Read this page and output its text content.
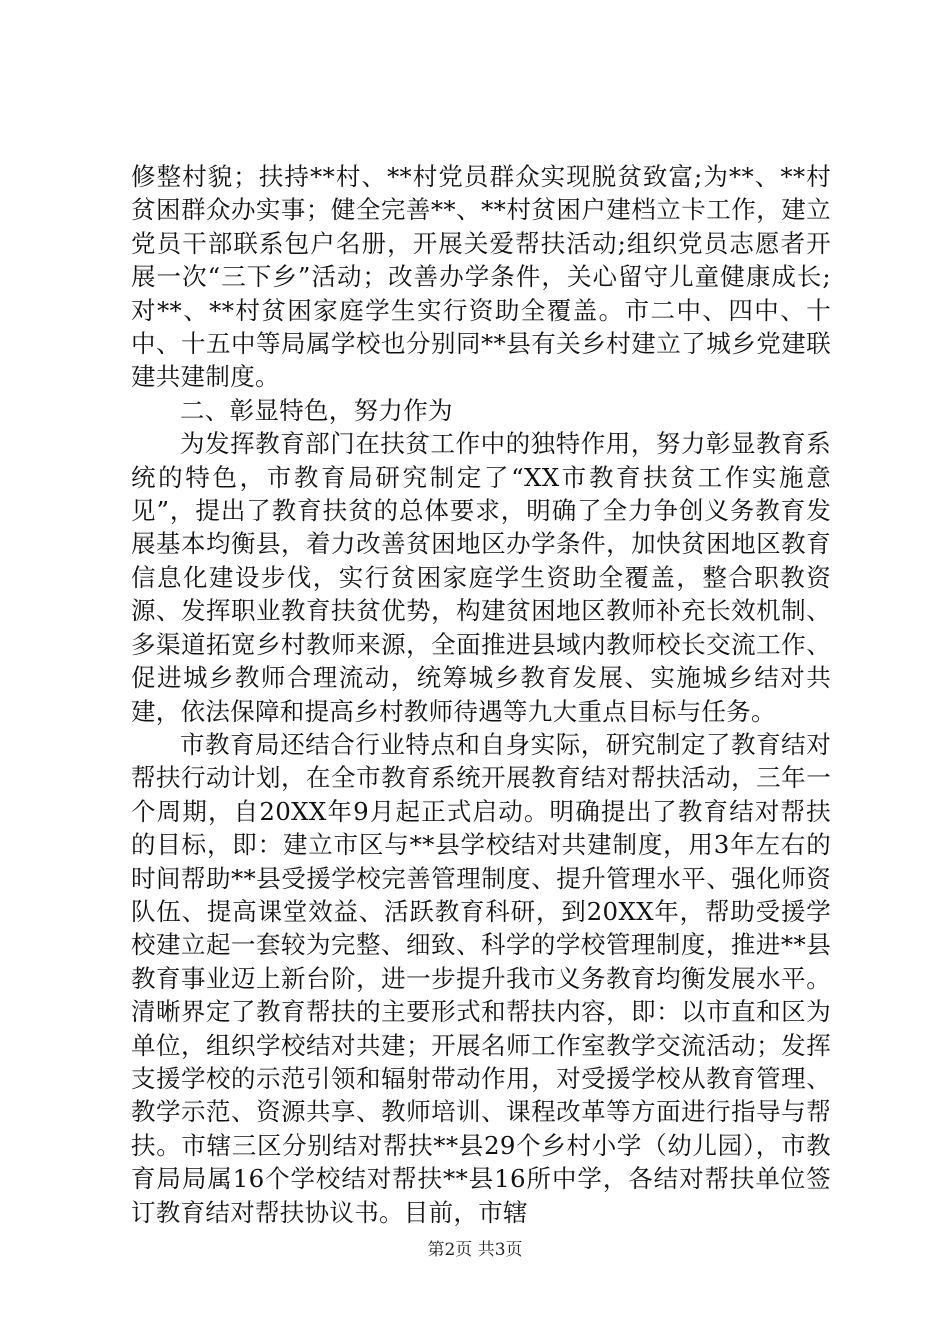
修整村貌；扶持**村、**村党员群众实现脱贫致富;为**、**村贫困群众办实事；健全完善**、**村贫困户建档立卡工作，建立党员干部联系包户名册，开展关爱帮扶活动;组织党员志愿者开展一次“三下乡”活动；改善办学条件，关心留守儿童健康成长;对**、**村贫困家庭学生实行资助全覆盖。市二中、四中、十中、十五中等局属学校也分别同**县有关乡村建立了城乡党建联建共建制度。

二、彰显特色，努力作为

为发挥教育部门在扶贫工作中的独特作用，努力彰显教育系统的特色，市教育局研究制定了“XX市教育扶贫工作实施意见”，提出了教育扶贫的总体要求，明确了全力争创义务教育发展基本均衡县，着力改善贫困地区办学条件，加快贫困地区教育信息化建设步伐，实行贫困家庭学生资助全覆盖，整合职教资源、发挥职业教育扶贫优势，构建贫困地区教师补充长效机制、多渠道拓宽乡村教师来源，全面推进县域内教师校长交流工作、促进城乡教师合理流动，统筹城乡教育发展、实施城乡结对共建，依法保障和提高乡村教师待遇等九大重点目标与任务。

市教育局还结合行业特点和自身实际，研究制定了教育结对帮扶行动计划，在全市教育系统开展教育结对帮扶活动，三年一个周期，自20XX年9月起正式启动。明确提出了教育结对帮扶的目标，即：建立市区与**县学校结对共建制度，用3年左右的时间帮助**县受援学校完善管理制度、提升管理水平、强化师资队伍、提高课堂效益、活跃教育科研，到20XX年，帮助受援学校建立起一套较为完整、细致、科学的学校管理制度，推进**县教育事业迈上新台阶，进一步提升我市义务教育均衡发展水平。清晰界定了教育帮扶的主要形式和帮扶内容，即：以市直和区为单位，组织学校结对共建；开展名师工作室教学交流活动；发挥支援学校的示范引领和辐射带动作用，对受援学校从教育管理、教学示范、资源共享、教师培训、课程改革等方面进行指导与帮扶。市辖三区分别结对帮扶**县29个乡村小学（幼儿园），市教育局局属16个学校结对帮扶**县16所中学，各结对帮扶单位签订教育结对帮扶协议书。目前，市辖

第2页 共3页
